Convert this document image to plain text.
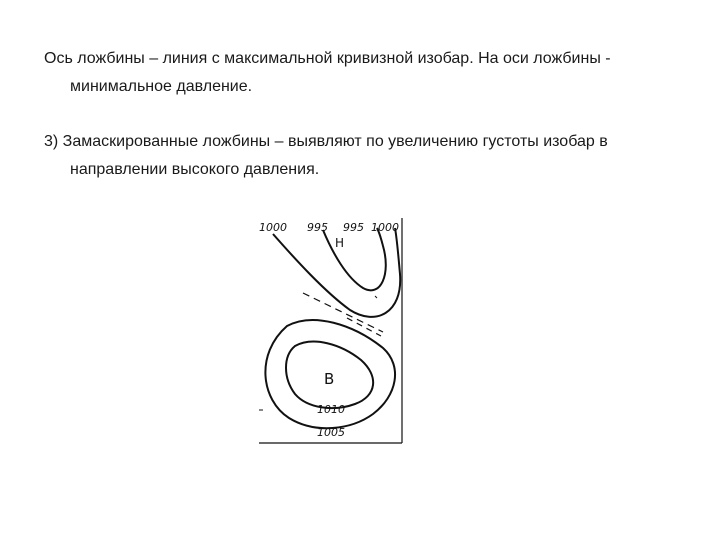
Ось ложбины – линия с максимальной кривизной изобар. На оси ложбины - минимальное давление.

3) Замаскированные ложбины – выявляют по увеличению густоты изобар в направлении высокого давления.

1000 995 995 1000
1010
1005
Н
В
